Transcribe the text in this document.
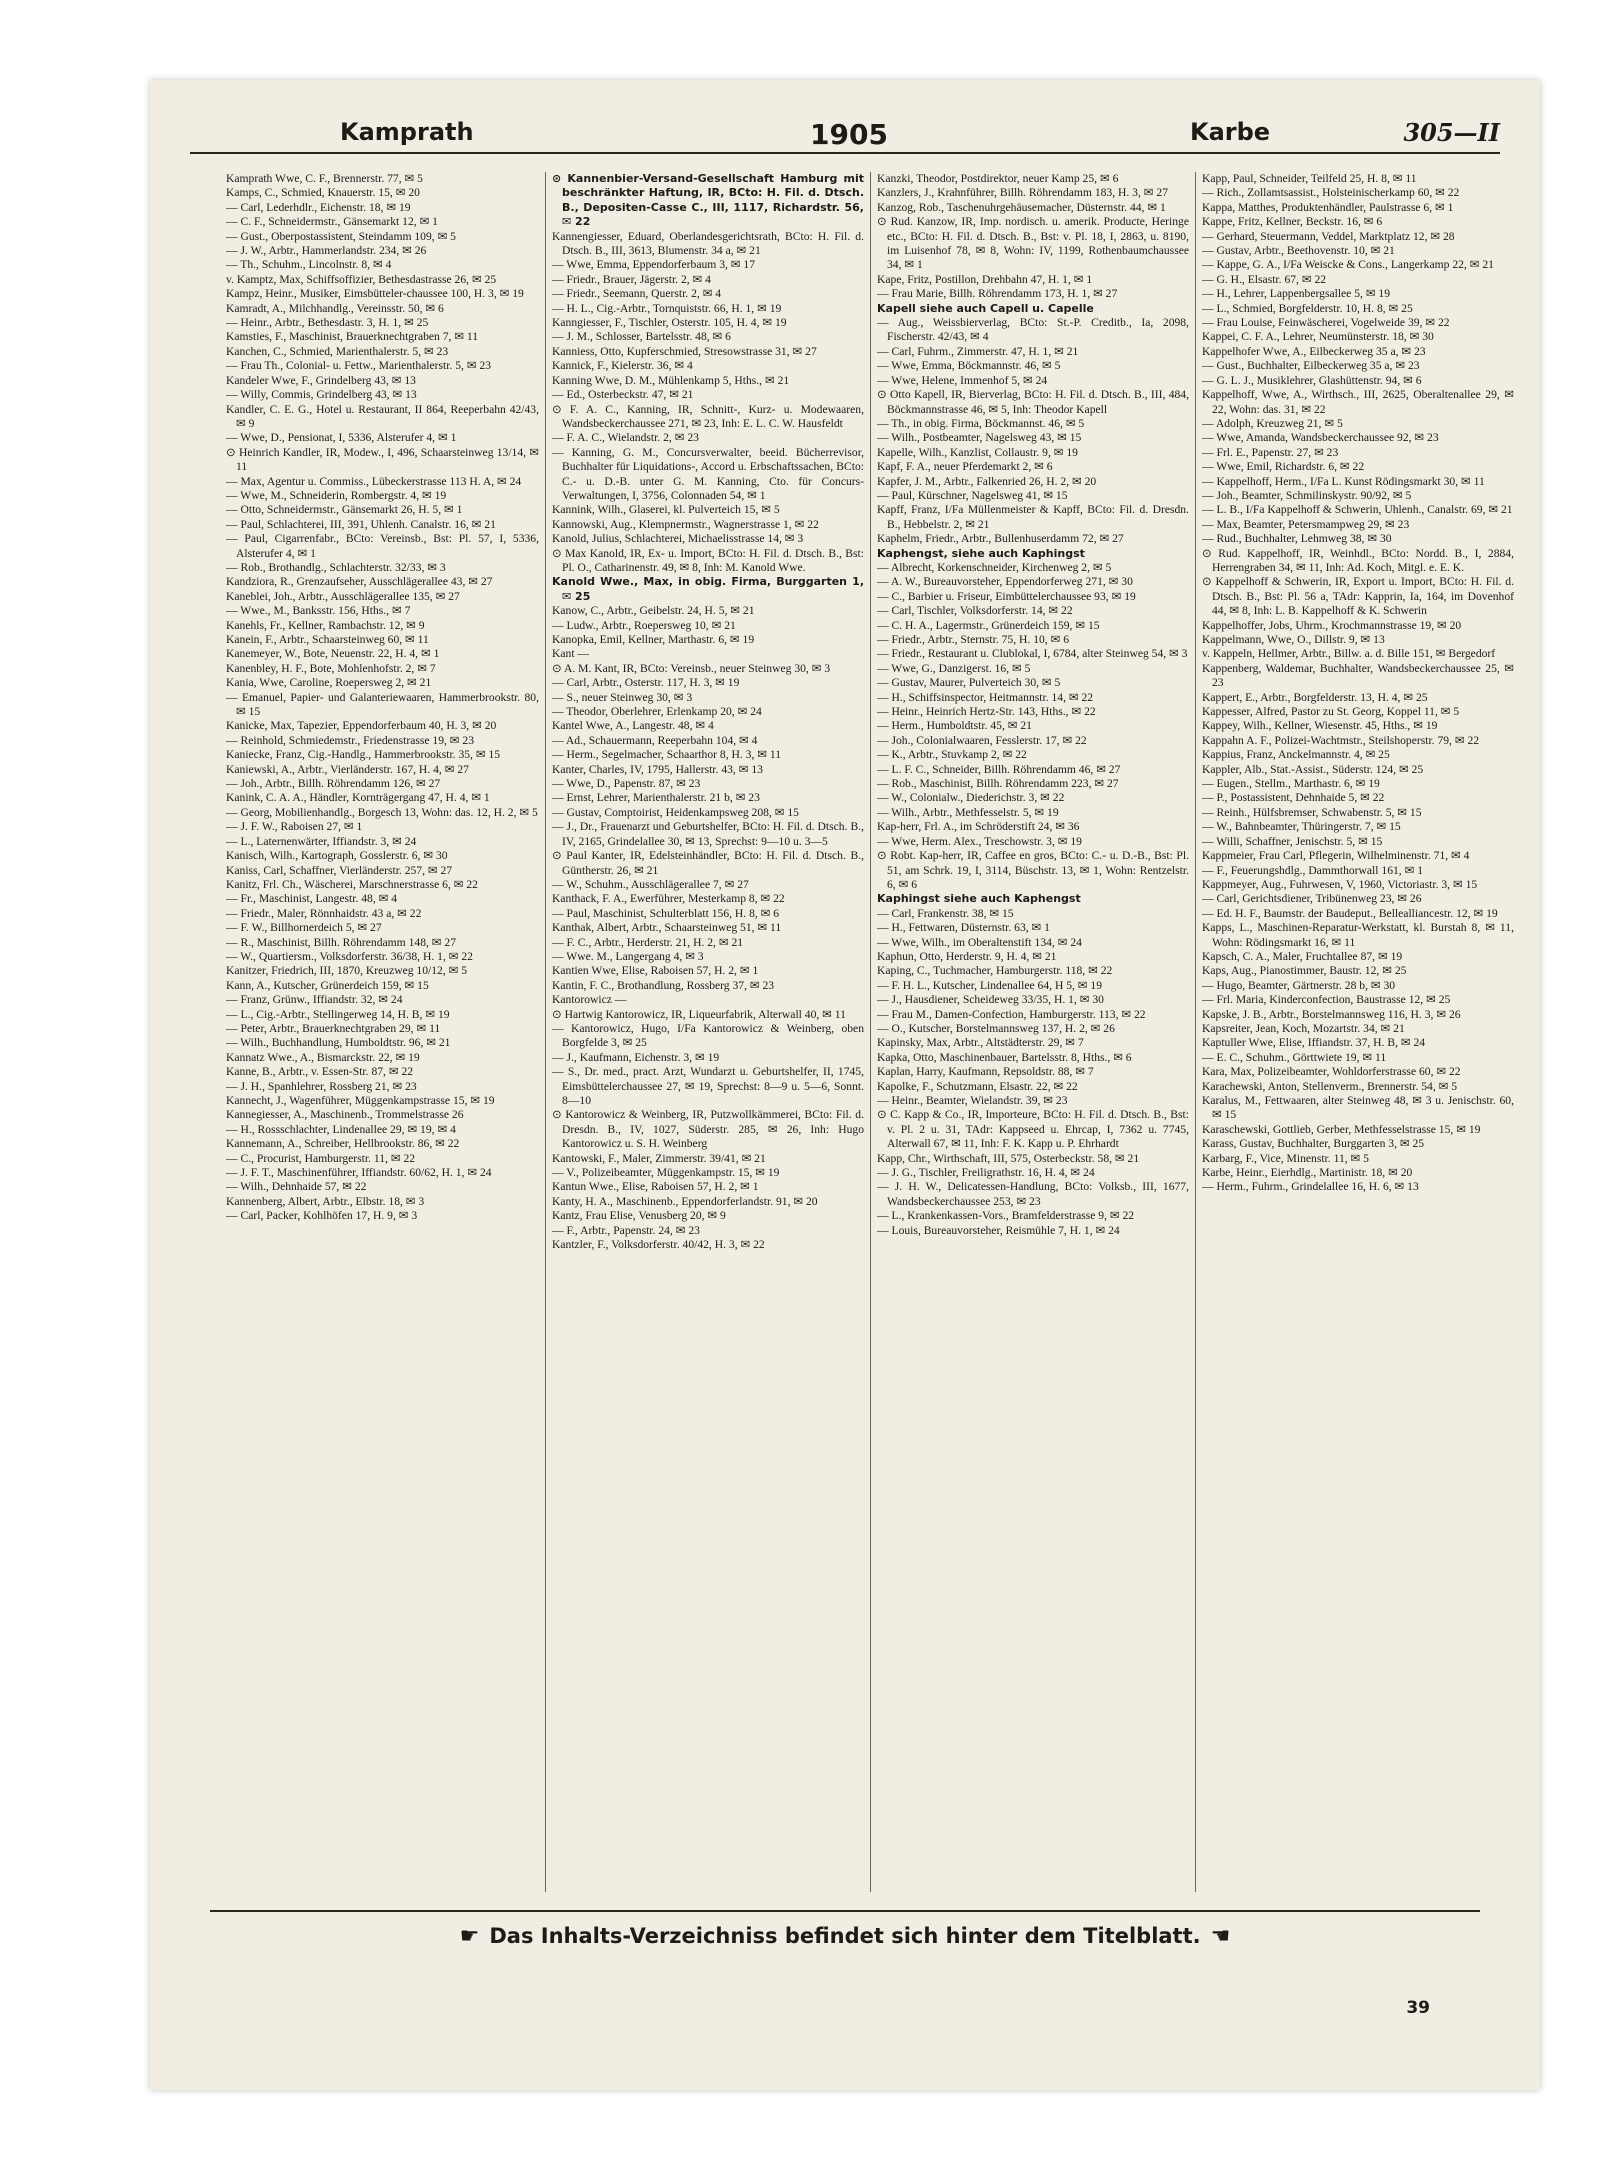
Kamprath	1905	Karbe	305—II

Kamprath Wwe, C. F., Brennerstr. 77, ✉ 5

Kamps, C., Schmied, Knauerstr. 15, ✉ 20

— Carl, Lederhdlr., Eichenstr. 18, ✉ 19

— C. F., Schneidermstr., Gänsemarkt 12, ✉ 1

— Gust., Oberpostassistent, Steindamm 109, ✉ 5

— J. W., Arbtr., Hammerlandstr. 234, ✉ 26

— Th., Schuhm., Lincolnstr. 8, ✉ 4

v. Kamptz, Max, Schiffsoffizier, Bethesdastrasse 26, ✉ 25

Kampz, Heinr., Musiker, Eimsbütteler-chaussee 100, H. 3, ✉ 19

Kamradt, A., Milchhandlg., Vereinsstr. 50, ✉ 6

— Heinr., Arbtr., Bethesdastr. 3, H. 1, ✉ 25

Kamsties, F., Maschinist, Brauerknechtgraben 7, ✉ 11

Kanchen, C., Schmied, Marienthalerstr. 5, ✉ 23

— Frau Th., Colonial- u. Fettw., Marienthalerstr. 5, ✉ 23

Kandeler Wwe, F., Grindelberg 43, ✉ 13

— Willy, Commis, Grindelberg 43, ✉ 13

Kandler, C. E. G., Hotel u. Restaurant, II 864, Reeperbahn 42/43, ✉ 9

— Wwe, D., Pensionat, I, 5336, Alsterufer 4, ✉ 1

⊙ Heinrich Kandler, IR, Modew., I, 496, Schaarsteinweg 13/14, ✉ 11

— Max, Agentur u. Commiss., Lübeckerstrasse 113 H. A, ✉ 24

— Wwe, M., Schneiderin, Rombergstr. 4, ✉ 19

— Otto, Schneidermstr., Gänsemarkt 26, H. 5, ✉ 1

— Paul, Schlachterei, III, 391, Uhlenh. Canalstr. 16, ✉ 21

— Paul, Cigarrenfabr., BCto: Vereinsb., Bst: Pl. 57, I, 5336, Alsterufer 4, ✉ 1

— Rob., Brothandlg., Schlachterstr. 32/33, ✉ 3

Kandziora, R., Grenzaufseher, Ausschlägerallee 43, ✉ 27

Kaneblei, Joh., Arbtr., Ausschlägerallee 135, ✉ 27

— Wwe., M., Banksstr. 156, Hths., ✉ 7

Kanehls, Fr., Kellner, Rambachstr. 12, ✉ 9

Kanein, F., Arbtr., Schaarsteinweg 60, ✉ 11

Kanemeyer, W., Bote, Neuenstr. 22, H. 4, ✉ 1

Kanenbley, H. F., Bote, Mohlenhofstr. 2, ✉ 7

Kania, Wwe, Caroline, Roepersweg 2, ✉ 21

— Emanuel, Papier- und Galanteriewaaren, Hammerbrookstr. 80, ✉ 15

Kanicke, Max, Tapezier, Eppendorferbaum 40, H. 3, ✉ 20

— Reinhold, Schmiedemstr., Friedenstrasse 19, ✉ 23

Kaniecke, Franz, Cig.-Handlg., Hammerbrookstr. 35, ✉ 15

Kaniewski, A., Arbtr., Vierländerstr. 167, H. 4, ✉ 27

— Joh., Arbtr., Billh. Röhrendamm 126, ✉ 27

Kanink, C. A. A., Händler, Kornträgergang 47, H. 4, ✉ 1

— Georg, Mobilienhandlg., Borgesch 13, Wohn: das. 12, H. 2, ✉ 5

— J. F. W., Raboisen 27, ✉ 1

— L., Laternenwärter, Iffiandstr. 3, ✉ 24

Kanisch, Wilh., Kartograph, Gosslerstr. 6, ✉ 30

Kaniss, Carl, Schaffner, Vierländerstr. 257, ✉ 27

Kanitz, Frl. Ch., Wäscherei, Marschnerstrasse 6, ✉ 22

— Fr., Maschinist, Langestr. 48, ✉ 4

— Friedr., Maler, Rönnhaidstr. 43 a, ✉ 22

— F. W., Billhornerdeich 5, ✉ 27

— R., Maschinist, Billh. Röhrendamm 148, ✉ 27

— W., Quartiersm., Volksdorferstr. 36/38, H. 1, ✉ 22

Kanitzer, Friedrich, III, 1870, Kreuzweg 10/12, ✉ 5

Kann, A., Kutscher, Grünerdeich 159, ✉ 15

— Franz, Grünw., Iffiandstr. 32, ✉ 24

— L., Cig.-Arbtr., Stellingerweg 14, H. B, ✉ 19

— Peter, Arbtr., Brauerknechtgraben 29, ✉ 11

— Wilh., Buchhandlung, Humboldtstr. 96, ✉ 21

Kannatz Wwe., A., Bismarckstr. 22, ✉ 19

Kanne, B., Arbtr., v. Essen-Str. 87, ✉ 22

— J. H., Spanhlehrer, Rossberg 21, ✉ 23

Kannecht, J., Wagenführer, Müggenkampstrasse 15, ✉ 19

Kannegiesser, A., Maschinenb., Trommelstrasse 26

— H., Rossschlachter, Lindenallee 29, ✉ 19, ✉ 4

Kannemann, A., Schreiber, Hellbrookstr. 86, ✉ 22

— C., Procurist, Hamburgerstr. 11, ✉ 22

— J. F. T., Maschinenführer, Iffiandstr. 60/62, H. 1, ✉ 24

— Wilh., Dehnhaide 57, ✉ 22

Kannenberg, Albert, Arbtr., Elbstr. 18, ✉ 3

— Carl, Packer, Kohlhöfen 17, H. 9, ✉ 3

⊙ Kannenbier-Versand-Gesellschaft Hamburg mit beschränkter Haftung, IR, BCto: H. Fil. d. Dtsch. B., Depositen-Casse C., III, 1117, Richardstr. 56, ✉ 22

Kannengiesser, Eduard, Oberlandesgerichtsrath, BCto: H. Fil. d. Dtsch. B., III, 3613, Blumenstr. 34 a, ✉ 21

— Wwe, Emma, Eppendorferbaum 3, ✉ 17

— Friedr., Brauer, Jägerstr. 2, ✉ 4

— Friedr., Seemann, Querstr. 2, ✉ 4

— H. L., Cig.-Arbtr., Tornquiststr. 66, H. 1, ✉ 19

Kanngiesser, F., Tischler, Osterstr. 105, H. 4, ✉ 19

— J. M., Schlosser, Bartelsstr. 48, ✉ 6

Kanniess, Otto, Kupferschmied, Stresowstrasse 31, ✉ 27

Kannick, F., Kielerstr. 36, ✉ 4

Kanning Wwe, D. M., Mühlenkamp 5, Hths., ✉ 21

— Ed., Osterbeckstr. 47, ✉ 21

⊙ F. A. C., Kanning, IR, Schnitt-, Kurz- u. Modewaaren, Wandsbeckerchaussee 271, ✉ 23, Inh: E. L. C. W. Hausfeldt

— F. A. C., Wielandstr. 2, ✉ 23

— Kanning, G. M., Concursverwalter, beeid. Bücherrevisor, Buchhalter für Liquidations-, Accord u. Erbschaftssachen, BCto: C.- u. D.-B. unter G. M. Kanning, Cto. für Concurs-Verwaltungen, I, 3756, Colonnaden 54, ✉ 1

Kannink, Wilh., Glaserei, kl. Pulverteich 15, ✉ 5

Kannowski, Aug., Klempnermstr., Wagnerstrasse 1, ✉ 22

Kanold, Julius, Schlachterei, Michaelisstrasse 14, ✉ 3

⊙ Max Kanold, IR, Ex- u. Import, BCto: H. Fil. d. Dtsch. B., Bst: Pl. O., Catharinenstr. 49, ✉ 8, Inh: M. Kanold Wwe.

Kanold Wwe., Max, in obig. Firma, Burggarten 1, ✉ 25

Kanow, C., Arbtr., Geibelstr. 24, H. 5, ✉ 21

— Ludw., Arbtr., Roepersweg 10, ✉ 21

Kanopka, Emil, Kellner, Marthastr. 6, ✉ 19

Kant —

⊙ A. M. Kant, IR, BCto: Vereinsb., neuer Steinweg 30, ✉ 3

— Carl, Arbtr., Osterstr. 117, H. 3, ✉ 19

— S., neuer Steinweg 30, ✉ 3

— Theodor, Oberlehrer, Erlenkamp 20, ✉ 24

Kantel Wwe, A., Langestr. 48, ✉ 4

— Ad., Schauermann, Reeperbahn 104, ✉ 4

— Herm., Segelmacher, Schaarthor 8, H. 3, ✉ 11

Kanter, Charles, IV, 1795, Hallerstr. 43, ✉ 13

— Wwe, D., Papenstr. 87, ✉ 23

— Ernst, Lehrer, Marienthalerstr. 21 b, ✉ 23

— Gustav, Comptoirist, Heidenkampsweg 208, ✉ 15

— J., Dr., Frauenarzt und Geburtshelfer, BCto: H. Fil. d. Dtsch. B., IV, 2165, Grindelallee 30, ✉ 13, Sprechst: 9—10 u. 3—5

⊙ Paul Kanter, IR, Edelsteinhändler, BCto: H. Fil. d. Dtsch. B., Güntherstr. 26, ✉ 21

— W., Schuhm., Ausschlägerallee 7, ✉ 27

Kanthack, F. A., Ewerführer, Mesterkamp 8, ✉ 22

— Paul, Maschinist, Schulterblatt 156, H. 8, ✉ 6

Kanthak, Albert, Arbtr., Schaarsteinweg 51, ✉ 11

— F. C., Arbtr., Herderstr. 21, H. 2, ✉ 21

— Wwe. M., Langergang 4, ✉ 3

Kantien Wwe, Elise, Raboisen 57, H. 2, ✉ 1

Kantin, F. C., Brothandlung, Rossberg 37, ✉ 23

Kantorowicz —

⊙ Hartwig Kantorowicz, IR, Liqueurfabrik, Alterwall 40, ✉ 11

— Kantorowicz, Hugo, I/Fa Kantorowicz & Weinberg, oben Borgfelde 3, ✉ 25

— J., Kaufmann, Eichenstr. 3, ✉ 19

— S., Dr. med., pract. Arzt, Wundarzt u. Geburtshelfer, II, 1745, Eimsbüttelerchaussee 27, ✉ 19, Sprechst: 8—9 u. 5—6, Sonnt. 8—10

⊙ Kantorowicz & Weinberg, IR, Putzwollkämmerei, BCto: Fil. d. Dresdn. B., IV, 1027, Süderstr. 285, ✉ 26, Inh: Hugo Kantorowicz u. S. H. Weinberg

Kantowski, F., Maler, Zimmerstr. 39/41, ✉ 21

— V., Polizeibeamter, Müggenkampstr. 15, ✉ 19

Kantun Wwe., Elise, Raboisen 57, H. 2, ✉ 1

Kanty, H. A., Maschinenb., Eppendorferlandstr. 91, ✉ 20

Kantz, Frau Elise, Venusberg 20, ✉ 9

— F., Arbtr., Papenstr. 24, ✉ 23

Kantzler, F., Volksdorferstr. 40/42, H. 3, ✉ 22

Kanzki, Theodor, Postdirektor, neuer Kamp 25, ✉ 6

Kanzlers, J., Krahnführer, Billh. Röhrendamm 183, H. 3, ✉ 27

Kanzog, Rob., Taschenuhrgehäusemacher, Düsternstr. 44, ✉ 1

⊙ Rud. Kanzow, IR, Imp. nordisch. u. amerik. Producte, Heringe etc., BCto: H. Fil. d. Dtsch. B., Bst: v. Pl. 18, I, 2863, u. 8190, im Luisenhof 78, ✉ 8, Wohn: IV, 1199, Rothenbaumchaussee 34, ✉ 1

Kape, Fritz, Postillon, Drehbahn 47, H. 1, ✉ 1

— Frau Marie, Billh. Röhrendamm 173, H. 1, ✉ 27

Kapell siehe auch Capell u. Capelle

— Aug., Weissbierverlag, BCto: St.-P. Creditb., Ia, 2098, Fischerstr. 42/43, ✉ 4

— Carl, Fuhrm., Zimmerstr. 47, H. 1, ✉ 21

— Wwe, Emma, Böckmannstr. 46, ✉ 5

— Wwe, Helene, Immenhof 5, ✉ 24

⊙ Otto Kapell, IR, Bierverlag, BCto: H. Fil. d. Dtsch. B., III, 484, Böckmannstrasse 46, ✉ 5, Inh: Theodor Kapell

— Th., in obig. Firma, Böckmannst. 46, ✉ 5

— Wilh., Postbeamter, Nagelsweg 43, ✉ 15

Kapelle, Wilh., Kanzlist, Collaustr. 9, ✉ 19

Kapf, F. A., neuer Pferdemarkt 2, ✉ 6

Kapfer, J. M., Arbtr., Falkenried 26, H. 2, ✉ 20

— Paul, Kürschner, Nagelsweg 41, ✉ 15

Kapff, Franz, I/Fa Müllenmeister & Kapff, BCto: Fil. d. Dresdn. B., Hebbelstr. 2, ✉ 21

Kaphelm, Friedr., Arbtr., Bullenhuserdamm 72, ✉ 27

Kaphengst, siehe auch Kaphingst

— Albrecht, Korkenschneider, Kirchenweg 2, ✉ 5

— A. W., Bureauvorsteher, Eppendorferweg 271, ✉ 30

— C., Barbier u. Friseur, Eimbüttelerchaussee 93, ✉ 19

— Carl, Tischler, Volksdorferstr. 14, ✉ 22

— C. H. A., Lagermstr., Grünerdeich 159, ✉ 15

— Friedr., Arbtr., Sternstr. 75, H. 10, ✉ 6

— Friedr., Restaurant u. Clublokal, I, 6784, alter Steinweg 54, ✉ 3

— Wwe, G., Danzigerst. 16, ✉ 5

— Gustav, Maurer, Pulverteich 30, ✉ 5

— H., Schiffsinspector, Heitmannstr. 14, ✉ 22

— Heinr., Heinrich Hertz-Str. 143, Hths., ✉ 22

— Herm., Humboldtstr. 45, ✉ 21

— Joh., Colonialwaaren, Fesslerstr. 17, ✉ 22

— K., Arbtr., Stuvkamp 2, ✉ 22

— L. F. C., Schneider, Billh. Röhrendamm 46, ✉ 27

— Rob., Maschinist, Billh. Röhrendamm 223, ✉ 27

— W., Colonialw., Diederichstr. 3, ✉ 22

— Wilh., Arbtr., Methfesselstr. 5, ✉ 19

Kap-herr, Frl. A., im Schröderstift 24, ✉ 36

— Wwe, Herm. Alex., Treschowstr. 3, ✉ 19

⊙ Robt. Kap-herr, IR, Caffee en gros, BCto: C.- u. D.-B., Bst: Pl. 51, am Schrk. 19, I, 3114, Büschstr. 13, ✉ 1, Wohn: Rentzelstr. 6, ✉ 6

Kaphingst siehe auch Kaphengst

— Carl, Frankenstr. 38, ✉ 15

— H., Fettwaren, Düsternstr. 63, ✉ 1

— Wwe, Wilh., im Oberaltenstift 134, ✉ 24

Kaphun, Otto, Herderstr. 9, H. 4, ✉ 21

Kaping, C., Tuchmacher, Hamburgerstr. 118, ✉ 22

— F. H. L., Kutscher, Lindenallee 64, H 5, ✉ 19

— J., Hausdiener, Scheideweg 33/35, H. 1, ✉ 30

— Frau M., Damen-Confection, Hamburgerstr. 113, ✉ 22

— O., Kutscher, Borstelmannsweg 137, H. 2, ✉ 26

Kapinsky, Max, Arbtr., Altstädterstr. 29, ✉ 7

Kapka, Otto, Maschinenbauer, Bartelsstr. 8, Hths., ✉ 6

Kaplan, Harry, Kaufmann, Repsoldstr. 88, ✉ 7

Kapolke, F., Schutzmann, Elsastr. 22, ✉ 22

— Heinr., Beamter, Wielandstr. 39, ✉ 23

⊙ C. Kapp & Co., IR, Importeure, BCto: H. Fil. d. Dtsch. B., Bst: v. Pl. 2 u. 31, TAdr: Kappseed u. Ehrcap, I, 7362 u. 7745, Alterwall 67, ✉ 11, Inh: F. K. Kapp u. P. Ehrhardt

Kapp, Chr., Wirthschaft, III, 575, Osterbeckstr. 58, ✉ 21

— J. G., Tischler, Freiligrathstr. 16, H. 4, ✉ 24

— J. H. W., Delicatessen-Handlung, BCto: Volksb., III, 1677, Wandsbeckerchaussee 253, ✉ 23

— L., Krankenkassen-Vors., Bramfelderstrasse 9, ✉ 22

— Louis, Bureauvorsteher, Reismühle 7, H. 1, ✉ 24

Kapp, Paul, Schneider, Teilfeld 25, H. 8, ✉ 11

— Rich., Zollamtsassist., Holsteinischerkamp 60, ✉ 22

Kappa, Matthes, Produktenhändler, Paulstrasse 6, ✉ 1

Kappe, Fritz, Kellner, Beckstr. 16, ✉ 6

— Gerhard, Steuermann, Veddel, Marktplatz 12, ✉ 28

— Gustav, Arbtr., Beethovenstr. 10, ✉ 21

— Kappe, G. A., I/Fa Weiscke & Cons., Langerkamp 22, ✉ 21

— G. H., Elsastr. 67, ✉ 22

— H., Lehrer, Lappenbergsallee 5, ✉ 19

— L., Schmied, Borgfelderstr. 10, H. 8, ✉ 25

— Frau Louise, Feinwäscherei, Vogelweide 39, ✉ 22

Kappei, C. F. A., Lehrer, Neumünsterstr. 18, ✉ 30

Kappelhofer Wwe, A., Eilbeckerweg 35 a, ✉ 23

— Gust., Buchhalter, Eilbeckerweg 35 a, ✉ 23

— G. L. J., Musiklehrer, Glashüttenstr. 94, ✉ 6

Kappelhoff, Wwe, A., Wirthsch., III, 2625, Oberaltenallee 29, ✉ 22, Wohn: das. 31, ✉ 22

— Adolph, Kreuzweg 21, ✉ 5

— Wwe, Amanda, Wandsbeckerchaussee 92, ✉ 23

— Frl. E., Papenstr. 27, ✉ 23

— Wwe, Emil, Richardstr. 6, ✉ 22

— Kappelhoff, Herm., I/Fa L. Kunst Rödingsmarkt 30, ✉ 11

— Joh., Beamter, Schmilinskystr. 90/92, ✉ 5

— L. B., I/Fa Kappelhoff & Schwerin, Uhlenh., Canalstr. 69, ✉ 21

— Max, Beamter, Petersmampweg 29, ✉ 23

— Rud., Buchhalter, Lehmweg 38, ✉ 30

⊙ Rud. Kappelhoff, IR, Weinhdl., BCto: Nordd. B., I, 2884, Herrengraben 34, ✉ 11, Inh: Ad. Koch, Mitgl. e. E. K.

⊙ Kappelhoff & Schwerin, IR, Export u. Import, BCto: H. Fil. d. Dtsch. B., Bst: Pl. 56 a, TAdr: Kapprin, Ia, 164, im Dovenhof 44, ✉ 8, Inh: L. B. Kappelhoff & K. Schwerin

Kappelhoffer, Jobs, Uhrm., Krochmannstrasse 19, ✉ 20

Kappelmann, Wwe, O., Dillstr. 9, ✉ 13

v. Kappeln, Hellmer, Arbtr., Billw. a. d. Bille 151, ✉ Bergedorf

Kappenberg, Waldemar, Buchhalter, Wandsbeckerchaussee 25, ✉ 23

Kappert, E., Arbtr., Borgfelderstr. 13, H. 4, ✉ 25

Kappesser, Alfred, Pastor zu St. Georg, Koppel 11, ✉ 5

Kappey, Wilh., Kellner, Wiesenstr. 45, Hths., ✉ 19

Kappahn A. F., Polizei-Wachtmstr., Steilshoperstr. 79, ✉ 22

Kappius, Franz, Anckelmannstr. 4, ✉ 25

Kappler, Alb., Stat.-Assist., Süderstr. 124, ✉ 25

— Eugen., Stellm., Marthastr. 6, ✉ 19

— P., Postassistent, Dehnhaide 5, ✉ 22

— Reinh., Hülfsbremser, Schwabenstr. 5, ✉ 15

— W., Bahnbeamter, Thüringerstr. 7, ✉ 15

— Willi, Schaffner, Jenischstr. 5, ✉ 15

Kappmeier, Frau Carl, Pflegerin, Wilhelminenstr. 71, ✉ 4

— F., Feuerungshdlg., Dammthorwall 161, ✉ 1

Kappmeyer, Aug., Fuhrwesen, V, 1960, Victoriastr. 3, ✉ 15

— Carl, Gerichtsdiener, Tribünenweg 23, ✉ 26

— Ed. H. F., Baumstr. der Baudeput., Bellealliancestr. 12, ✉ 19

Kapps, L., Maschinen-Reparatur-Werkstatt, kl. Burstah 8, ✉ 11, Wohn: Rödingsmarkt 16, ✉ 11

Kapsch, C. A., Maler, Fruchtallee 87, ✉ 19

Kaps, Aug., Pianostimmer, Baustr. 12, ✉ 25

— Hugo, Beamter, Gärtnerstr. 28 b, ✉ 30

— Frl. Maria, Kinderconfection, Baustrasse 12, ✉ 25

Kapske, J. B., Arbtr., Borstelmannsweg 116, H. 3, ✉ 26

Kapsreiter, Jean, Koch, Mozartstr. 34, ✉ 21

Kaptuller Wwe, Elise, Iffiandstr. 37, H. B, ✉ 24

— E. C., Schuhm., Görttwiete 19, ✉ 11

Kara, Max, Polizeibeamter, Wohldorferstrasse 60, ✉ 22

Karachewski, Anton, Stellenverm., Brennerstr. 54, ✉ 5

Karalus, M., Fettwaaren, alter Steinweg 48, ✉ 3 u. Jenischstr. 60, ✉ 15

Karaschewski, Gottlieb, Gerber, Methfesselstrasse 15, ✉ 19

Karass, Gustav, Buchhalter, Burggarten 3, ✉ 25

Karbarg, F., Vice, Minenstr. 11, ✉ 5

Karbe, Heinr., Eierhdlg., Martinistr. 18, ✉ 20

— Herm., Fuhrm., Grindelallee 16, H. 6, ✉ 13

☛ Das Inhalts-Verzeichniss befindet sich hinter dem Titelblatt. ☚
39
